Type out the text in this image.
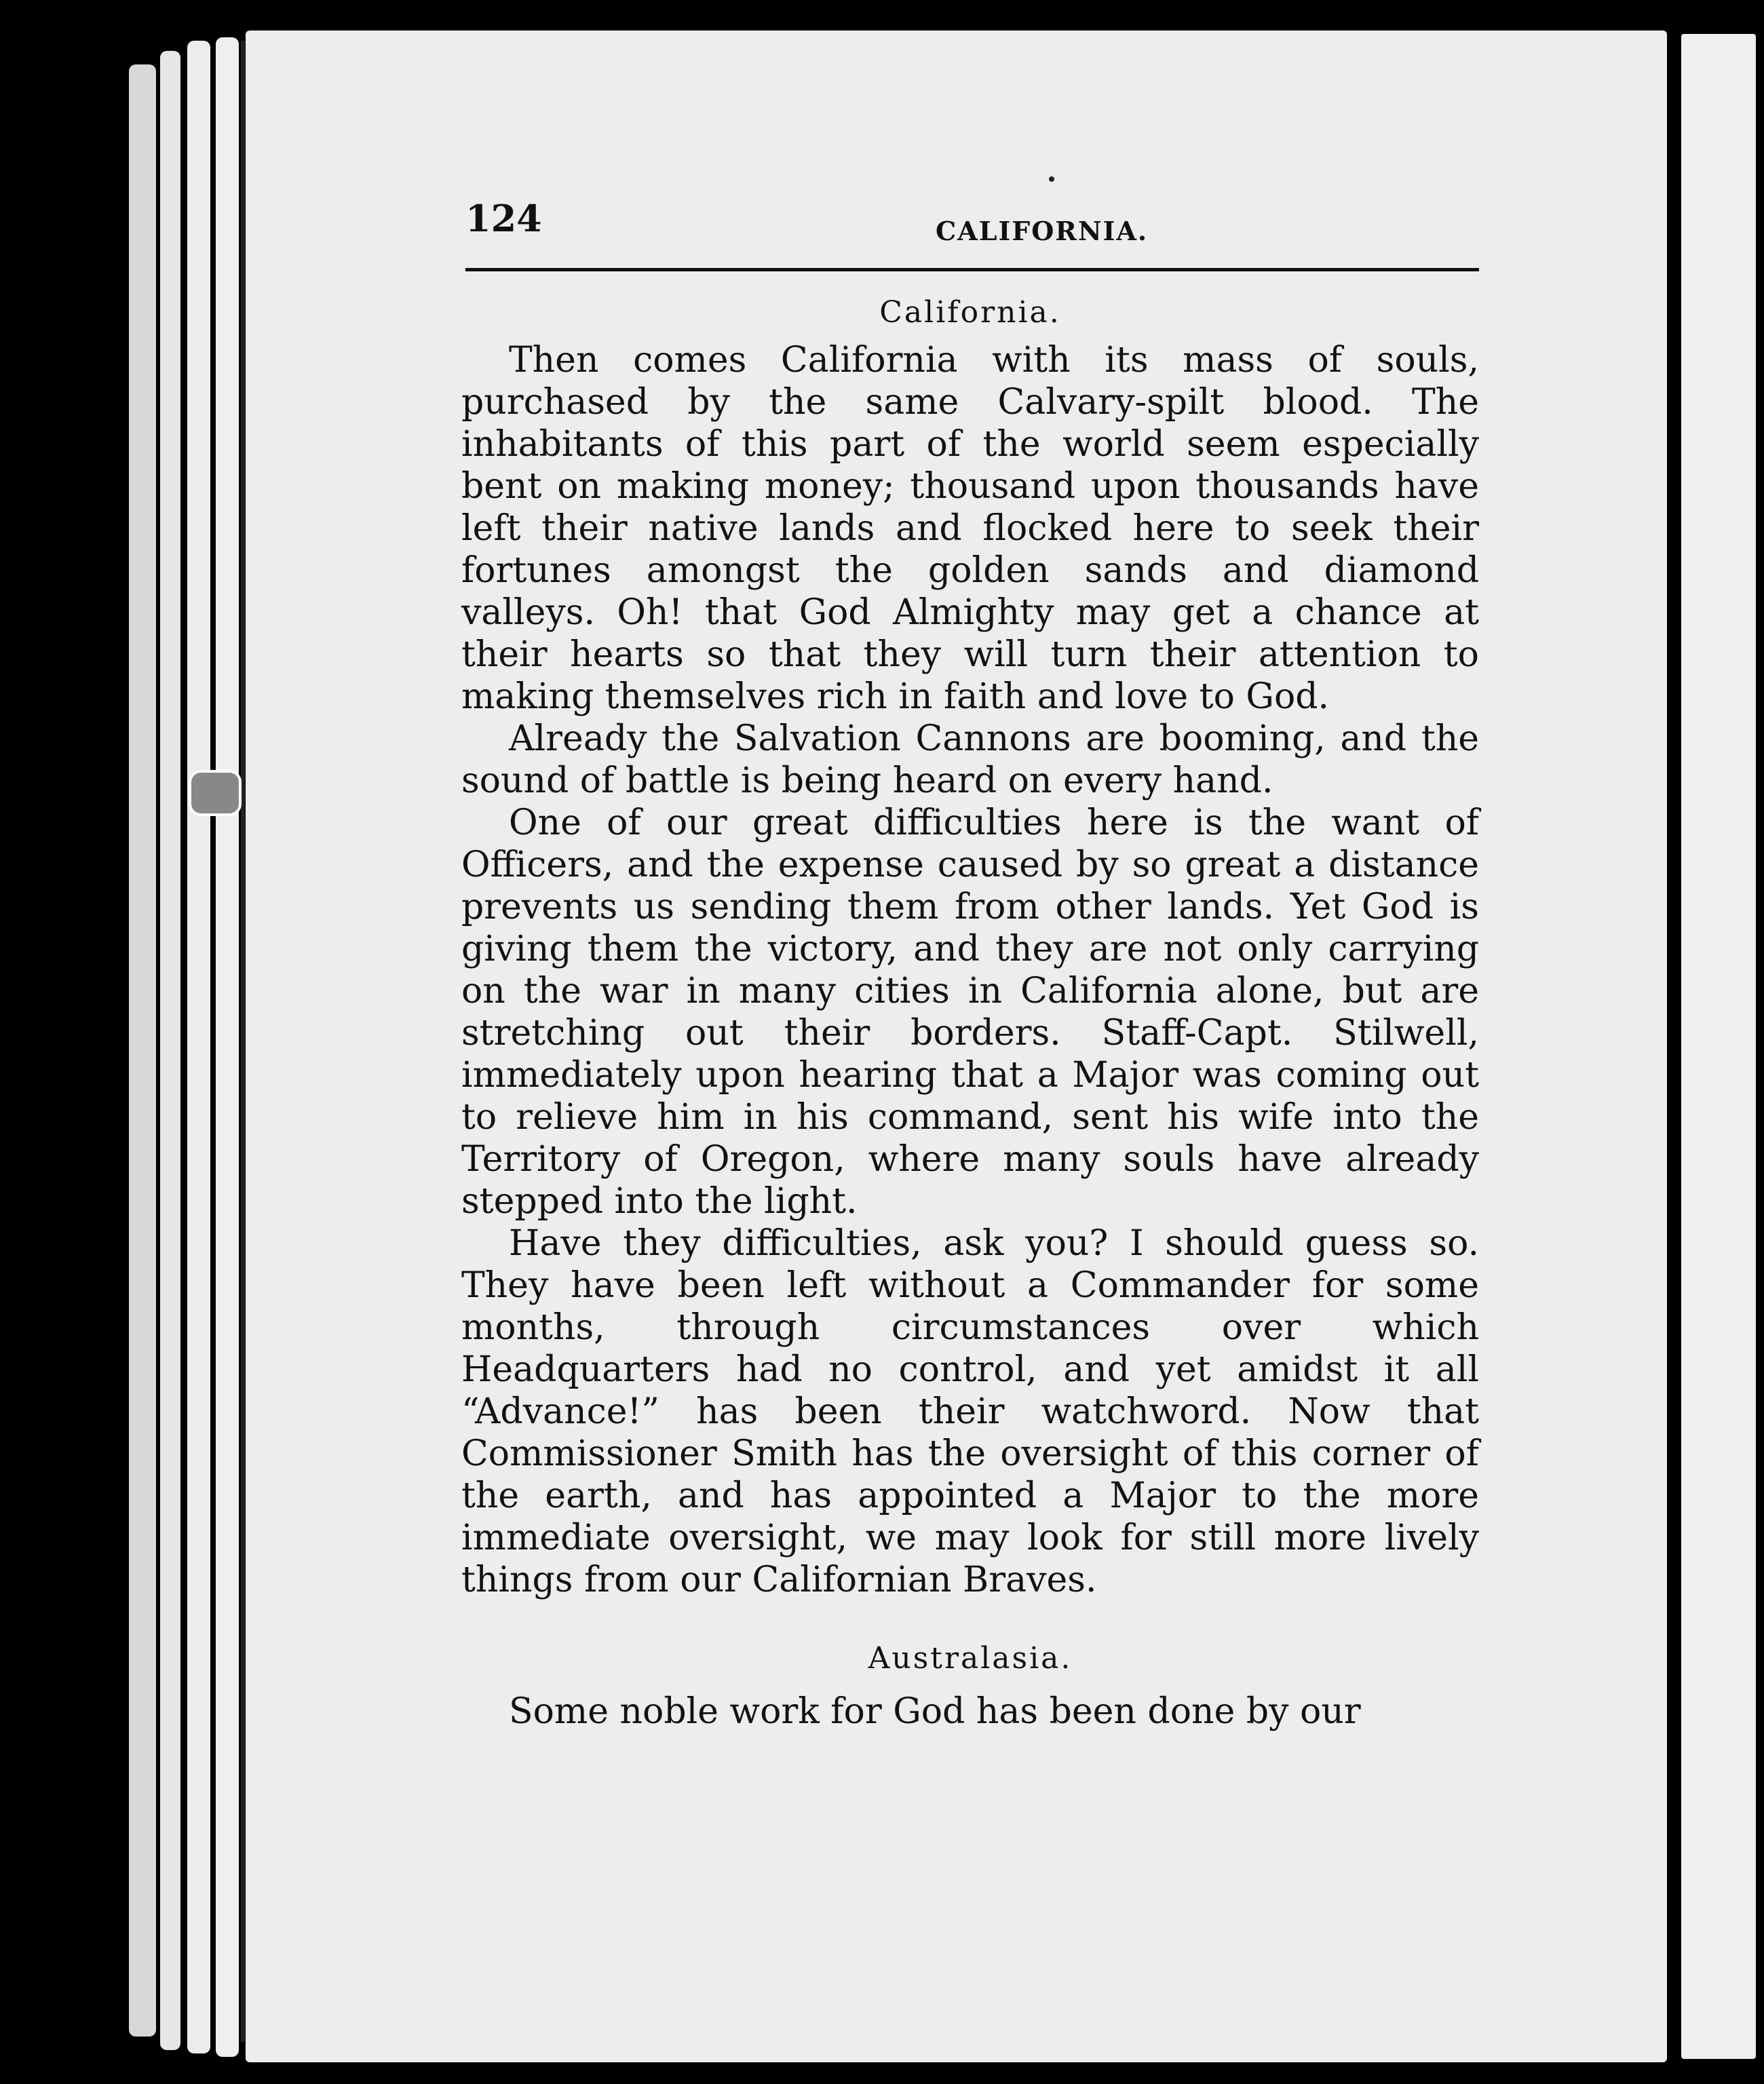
124	CALIFORNIA.
California.

Then comes California with its mass of souls, purchased by the same Calvary-spilt blood. The inhabitants of this part of the world seem especially bent on making money; thousand upon thousands have left their native lands and flocked here to seek their fortunes amongst the golden sands and diamond valleys. Oh! that God Almighty may get a chance at their hearts so that they will turn their attention to making themselves rich in faith and love to God.

Already the Salvation Cannons are booming, and the sound of battle is being heard on every hand.

One of our great difficulties here is the want of Officers, and the expense caused by so great a distance prevents us sending them from other lands. Yet God is giving them the victory, and they are not only carrying on the war in many cities in California alone, but are stretching out their borders. Staff-Capt. Stilwell, immediately upon hearing that a Major was coming out to relieve him in his command, sent his wife into the Territory of Oregon, where many souls have already stepped into the light.

Have they difficulties, ask you? I should guess so. They have been left without a Commander for some months, through circumstances over which Headquarters had no control, and yet amidst it all “Advance!” has been their watchword. Now that Commissioner Smith has the oversight of this corner of the earth, and has appointed a Major to the more immediate oversight, we may look for still more lively things from our Californian Braves.

Australasia.

Some noble work for God has been done by our
